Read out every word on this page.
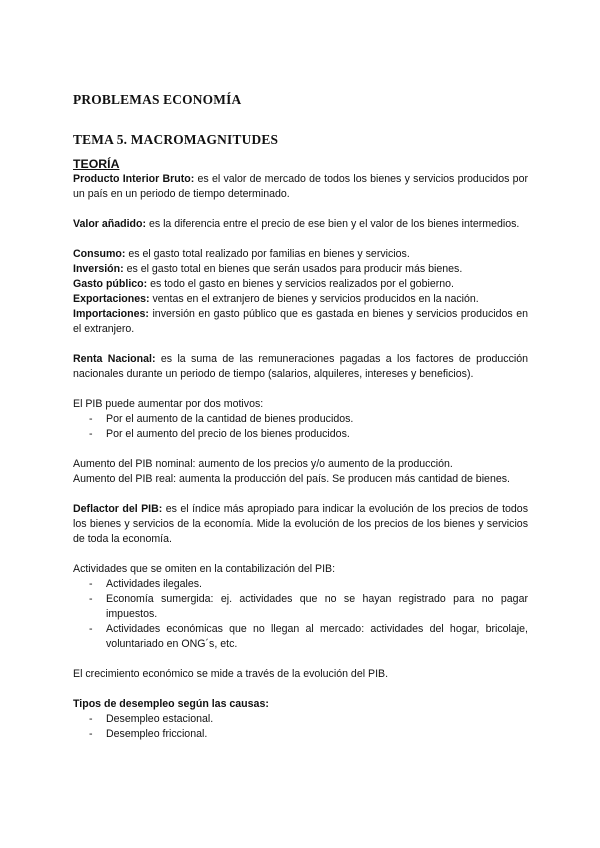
PROBLEMAS ECONOMÍA
TEMA 5. MACROMAGNITUDES
TEORÍA

Producto Interior Bruto: es el valor de mercado de todos los bienes y servicios producidos por un país en un periodo de tiempo determinado.

Valor añadido: es la diferencia entre el precio de ese bien y el valor de los bienes intermedios.

Consumo: es el gasto total realizado por familias en bienes y servicios.

Inversión: es el gasto total en bienes que serán usados para producir más bienes.

Gasto público: es todo el gasto en bienes y servicios realizados por el gobierno.

Exportaciones: ventas en el extranjero de bienes y servicios producidos en la nación.

Importaciones: inversión en gasto público que es gastada en bienes y servicios producidos en el extranjero.

Renta Nacional: es la suma de las remuneraciones pagadas a los factores de producción nacionales durante un periodo de tiempo (salarios, alquileres, intereses y beneficios).

El PIB puede aumentar por dos motivos:

- Por el aumento de la cantidad de bienes producidos.
- Por el aumento del precio de los bienes producidos.

Aumento del PIB nominal: aumento de los precios y/o aumento de la producción.

Aumento del PIB real: aumenta la producción del país. Se producen más cantidad de bienes.

Deflactor del PIB: es el índice más apropiado para indicar la evolución de los precios de todos los bienes y servicios de la economía. Mide la evolución de los precios de los bienes y servicios de toda la economía.

Actividades que se omiten en la contabilización del PIB:

- Actividades ilegales.
- Economía sumergida: ej. actividades que no se hayan registrado para no pagar impuestos.
- Actividades económicas que no llegan al mercado: actividades del hogar, bricolaje, voluntariado en ONG´s, etc.

El crecimiento económico se mide a través de la evolución del PIB.

Tipos de desempleo según las causas:

- Desempleo estacional.
- Desempleo friccional.
